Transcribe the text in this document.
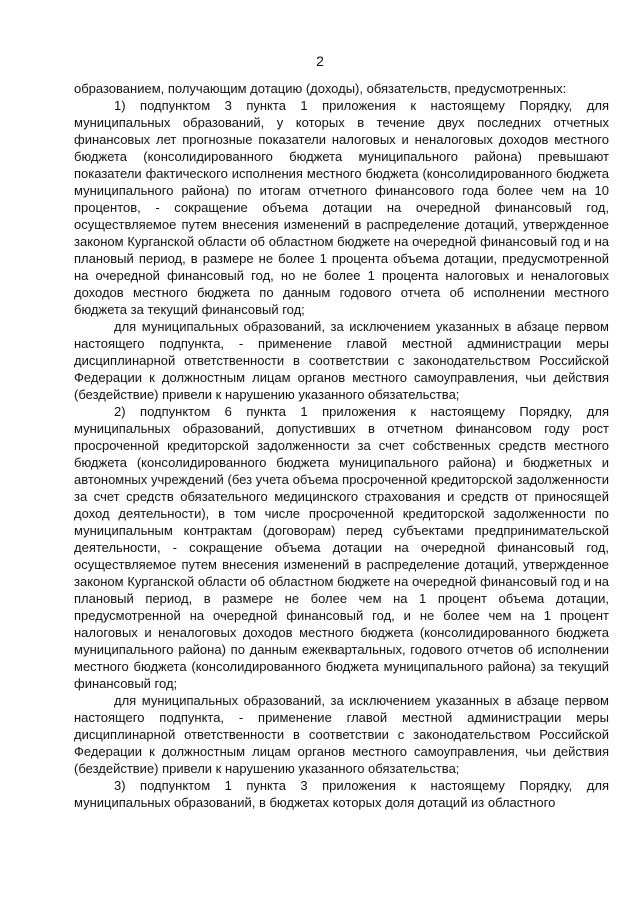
2

образованием, получающим дотацию (доходы), обязательств, предусмотренных:

1) подпунктом 3 пункта 1 приложения к настоящему Порядку, для муниципальных образований, у которых в течение двух последних отчетных финансовых лет прогнозные показатели налоговых и неналоговых доходов местного бюджета (консолидированного бюджета муниципального района) превышают показатели фактического исполнения местного бюджета (консолидированного бюджета муниципального района) по итогам отчетного финансового года более чем на 10 процентов, - сокращение объема дотации на очередной финансовый год, осуществляемое путем внесения изменений в распределение дотаций, утвержденное законом Курганской области об областном бюджете на очередной финансовый год и на плановый период, в размере не более 1 процента объема дотации, предусмотренной на очередной финансовый год, но не более 1 процента налоговых и неналоговых доходов местного бюджета по данным годового отчета об исполнении местного бюджета за текущий финансовый год;

для муниципальных образований, за исключением указанных в абзаце первом настоящего подпункта, - применение главой местной администрации меры дисциплинарной ответственности в соответствии с законодательством Российской Федерации к должностным лицам органов местного самоуправления, чьи действия (бездействие) привели к нарушению указанного обязательства;

2) подпунктом 6 пункта 1 приложения к настоящему Порядку, для муниципальных образований, допустивших в отчетном финансовом году рост просроченной кредиторской задолженности за счет собственных средств местного бюджета (консолидированного бюджета муниципального района) и бюджетных и автономных учреждений (без учета объема просроченной кредиторской задолженности за счет средств обязательного медицинского страхования и средств от приносящей доход деятельности), в том числе просроченной кредиторской задолженности по муниципальным контрактам (договорам) перед субъектами предпринимательской деятельности, - сокращение объема дотации на очередной финансовый год, осуществляемое путем внесения изменений в распределение дотаций, утвержденное законом Курганской области об областном бюджете на очередной финансовый год и на плановый период, в размере не более чем на 1 процент объема дотации, предусмотренной на очередной финансовый год, и не более чем на 1 процент налоговых и неналоговых доходов местного бюджета (консолидированного бюджета муниципального района) по данным ежеквартальных, годового отчетов об исполнении местного бюджета (консолидированного бюджета муниципального района) за текущий финансовый год;

для муниципальных образований, за исключением указанных в абзаце первом настоящего подпункта, - применение главой местной администрации меры дисциплинарной ответственности в соответствии с законодательством Российской Федерации к должностным лицам органов местного самоуправления, чьи действия (бездействие) привели к нарушению указанного обязательства;

3) подпунктом 1 пункта 3 приложения к настоящему Порядку, для муниципальных образований, в бюджетах которых доля дотаций из областного
